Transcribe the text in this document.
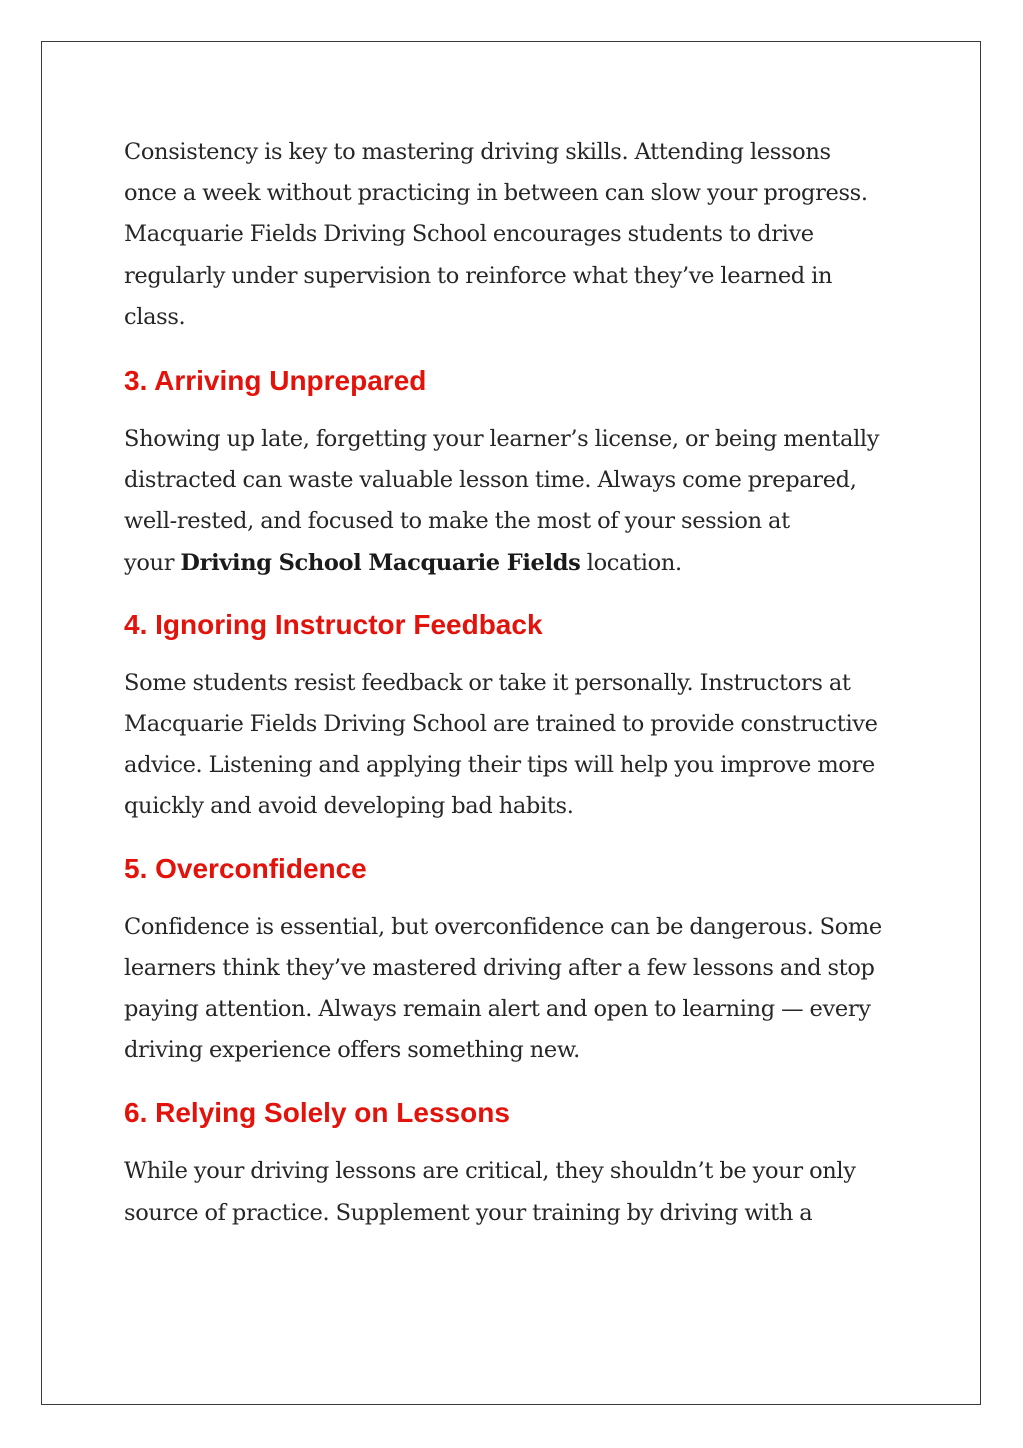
Consistency is key to mastering driving skills. Attending lessons
once a week without practicing in between can slow your progress.
Macquarie Fields Driving School encourages students to drive
regularly under supervision to reinforce what they’ve learned in
class.

3. Arriving Unprepared

Showing up late, forgetting your learner’s license, or being mentally
distracted can waste valuable lesson time. Always come prepared,
well-rested, and focused to make the most of your session at
your Driving School Macquarie Fields location.

4. Ignoring Instructor Feedback

Some students resist feedback or take it personally. Instructors at
Macquarie Fields Driving School are trained to provide constructive
advice. Listening and applying their tips will help you improve more
quickly and avoid developing bad habits.

5. Overconfidence

Confidence is essential, but overconfidence can be dangerous. Some
learners think they’ve mastered driving after a few lessons and stop
paying attention. Always remain alert and open to learning — every
driving experience offers something new.

6. Relying Solely on Lessons

While your driving lessons are critical, they shouldn’t be your only
source of practice. Supplement your training by driving with a
